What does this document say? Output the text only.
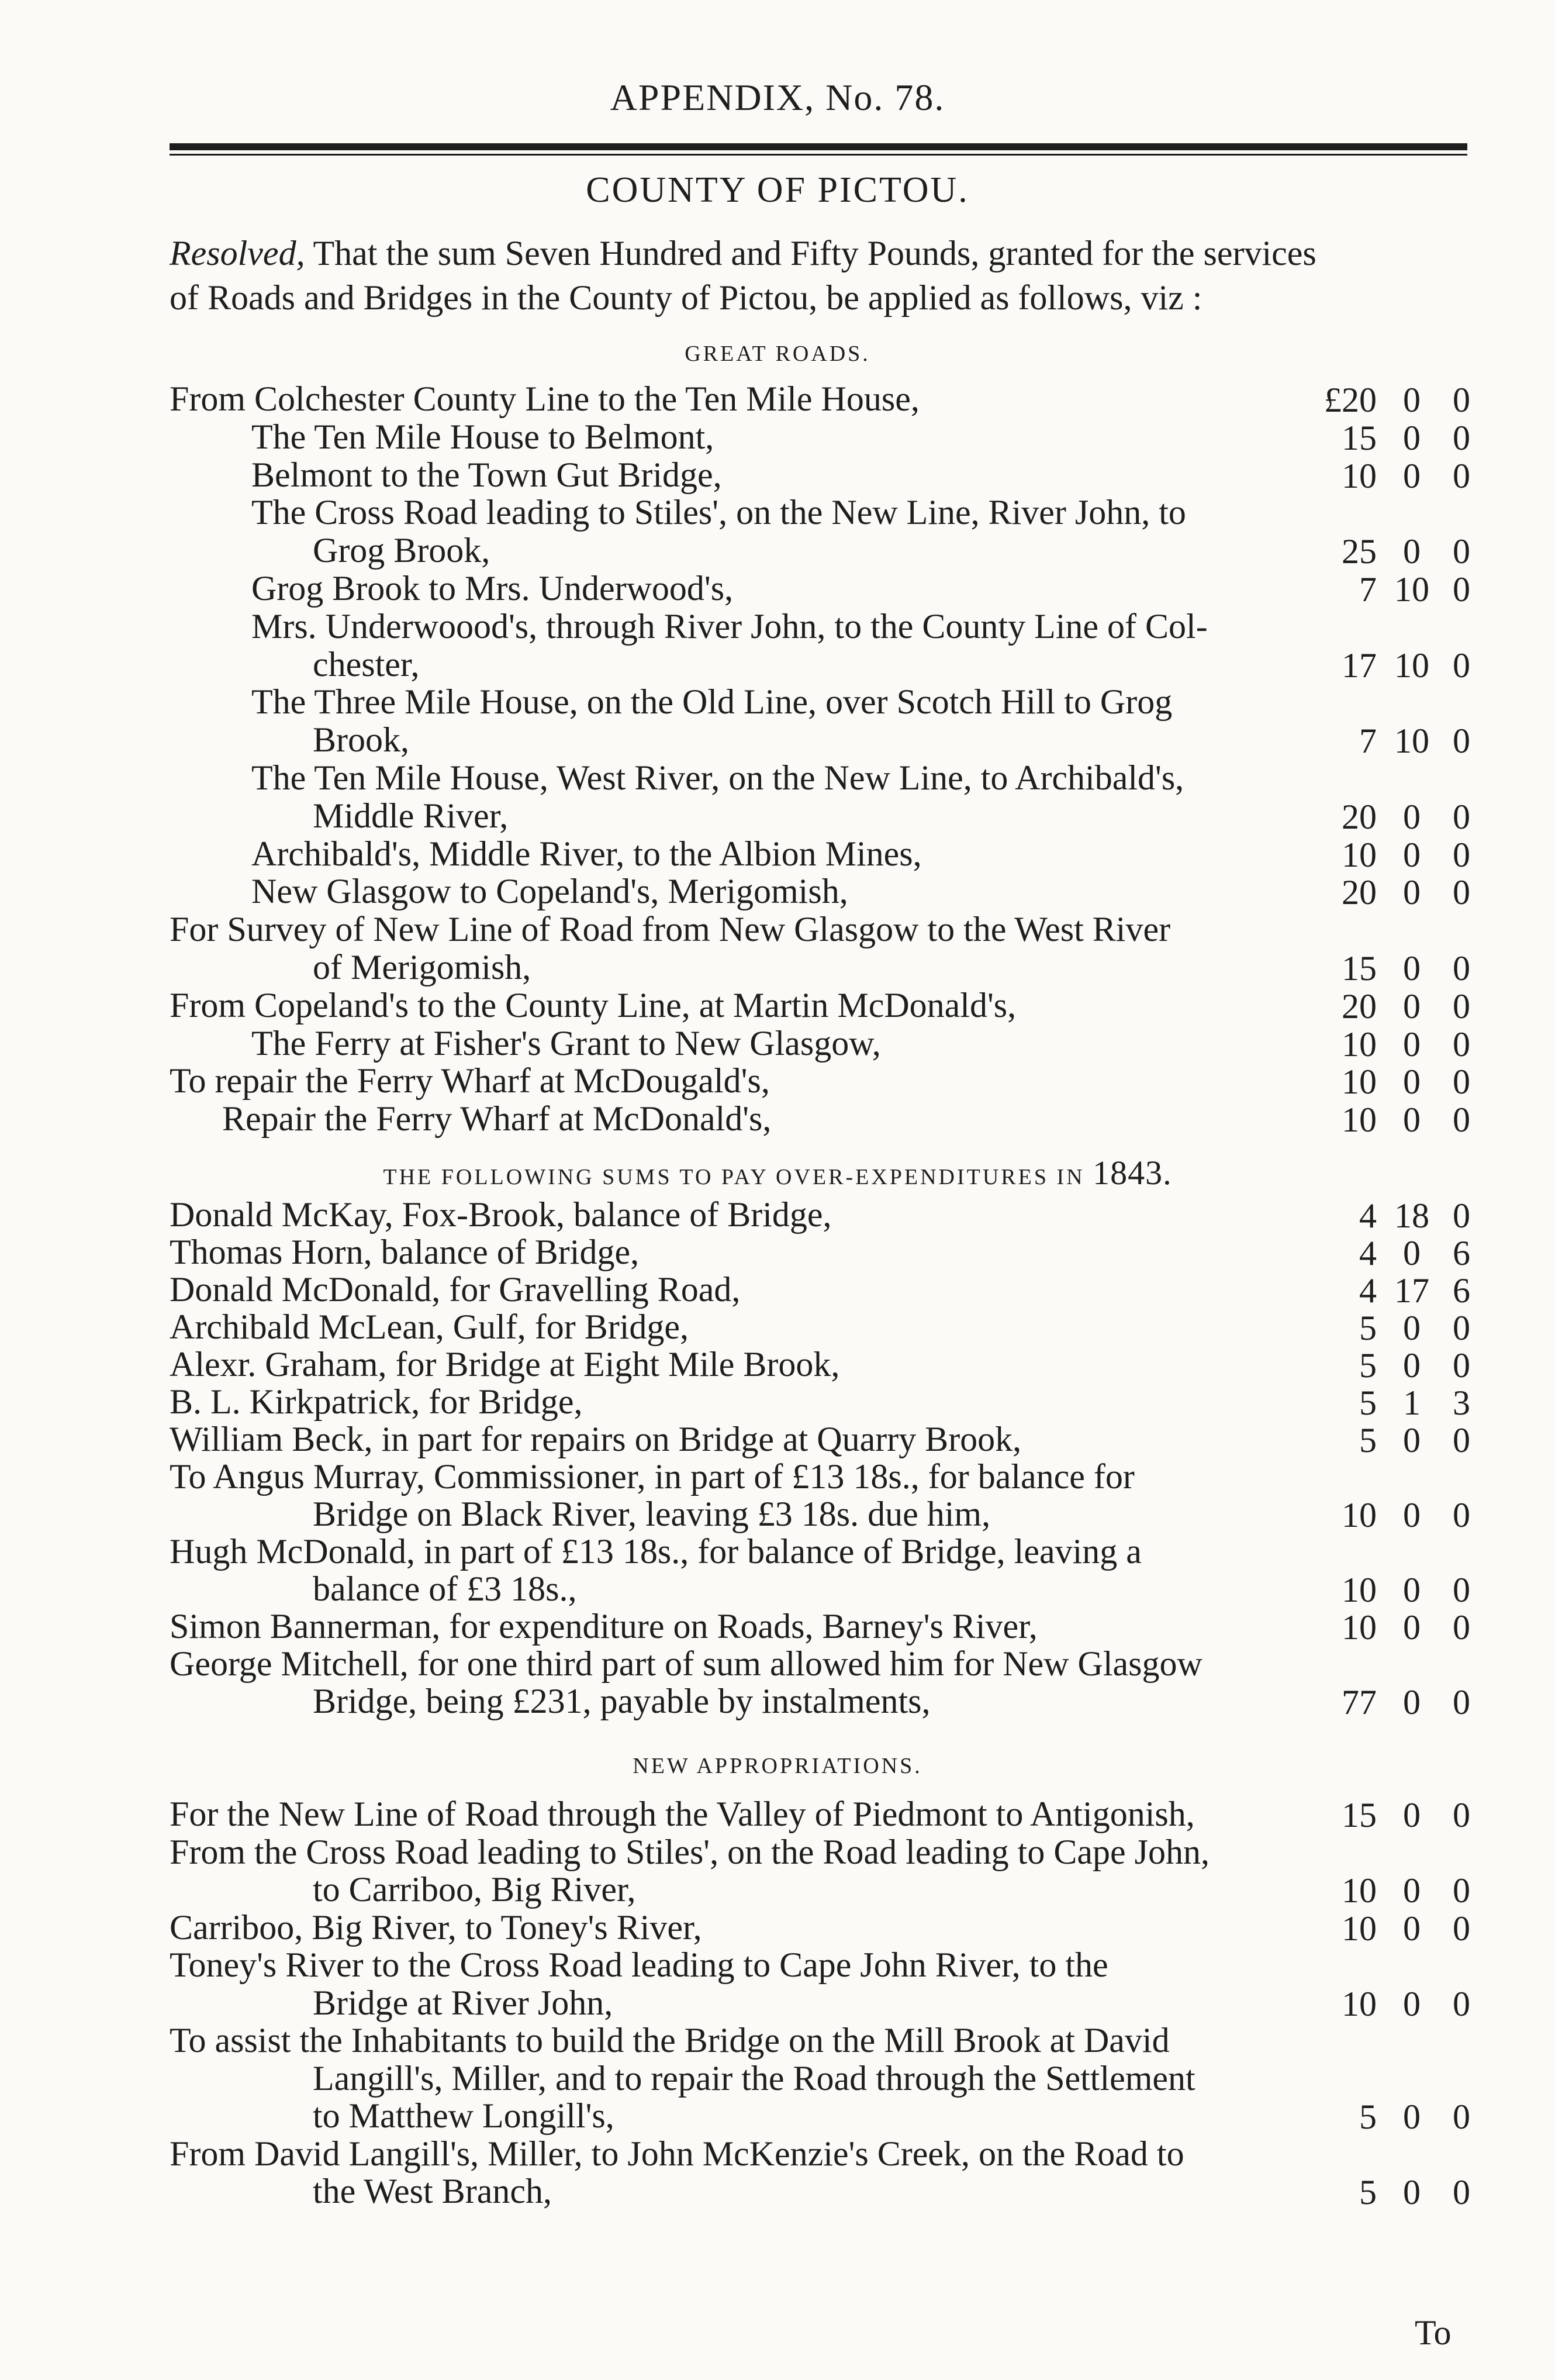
APPENDIX, No. 78.
COUNTY OF PICTOU.
Resolved, That the sum Seven Hundred and Fifty Pounds, granted for the services
of Roads and Bridges in the County of Pictou, be applied as follows, viz :
GREAT ROADS.
From Colchester County Line to the Ten Mile House,	£20 0 0
The Ten Mile House to Belmont,	15 0 0
Belmont to the Town Gut Bridge,	10 0 0
The Cross Road leading to Stiles', on the New Line, River John, to
Grog Brook,	25 0 0
Grog Brook to Mrs. Underwood's,	7 10 0
Mrs. Underwoood's, through River John, to the County Line of Col-
chester,	17 10 0
The Three Mile House, on the Old Line, over Scotch Hill to Grog
Brook,	7 10 0
The Ten Mile House, West River, on the New Line, to Archibald's,
Middle River,	20 0 0
Archibald's, Middle River, to the Albion Mines,	10 0 0
New Glasgow to Copeland's, Merigomish,	20 0 0
For Survey of New Line of Road from New Glasgow to the West River
of Merigomish,	15 0 0
From Copeland's to the County Line, at Martin McDonald's,	20 0 0
The Ferry at Fisher's Grant to New Glasgow,	10 0 0
To repair the Ferry Wharf at McDougald's,	10 0 0
Repair the Ferry Wharf at McDonald's,	10 0 0
THE FOLLOWING SUMS TO PAY OVER-EXPENDITURES IN 1843.
Donald McKay, Fox-Brook, balance of Bridge,	4 18 0
Thomas Horn, balance of Bridge,	4 0 6
Donald McDonald, for Gravelling Road,	4 17 6
Archibald McLean, Gulf, for Bridge,	5 0 0
Alexr. Graham, for Bridge at Eight Mile Brook,	5 0 0
B. L. Kirkpatrick, for Bridge,	5 1 3
William Beck, in part for repairs on Bridge at Quarry Brook,	5 0 0
To Angus Murray, Commissioner, in part of £13 18s., for balance for
Bridge on Black River, leaving £3 18s. due him,	10 0 0
Hugh McDonald, in part of £13 18s., for balance of Bridge, leaving a
balance of £3 18s.,	10 0 0
Simon Bannerman, for expenditure on Roads, Barney's River,	10 0 0
George Mitchell, for one third part of sum allowed him for New Glasgow
Bridge, being £231, payable by instalments,	77 0 0
NEW APPROPRIATIONS.
For the New Line of Road through the Valley of Piedmont to Antigonish,	15 0 0
From the Cross Road leading to Stiles', on the Road leading to Cape John,
to Carriboo, Big River,	10 0 0
Carriboo, Big River, to Toney's River,	10 0 0
Toney's River to the Cross Road leading to Cape John River, to the
Bridge at River John,	10 0 0
To assist the Inhabitants to build the Bridge on the Mill Brook at David
Langill's, Miller, and to repair the Road through the Settlement
to Matthew Longill's,	5 0 0
From David Langill's, Miller, to John McKenzie's Creek, on the Road to
the West Branch,	5 0 0
To
